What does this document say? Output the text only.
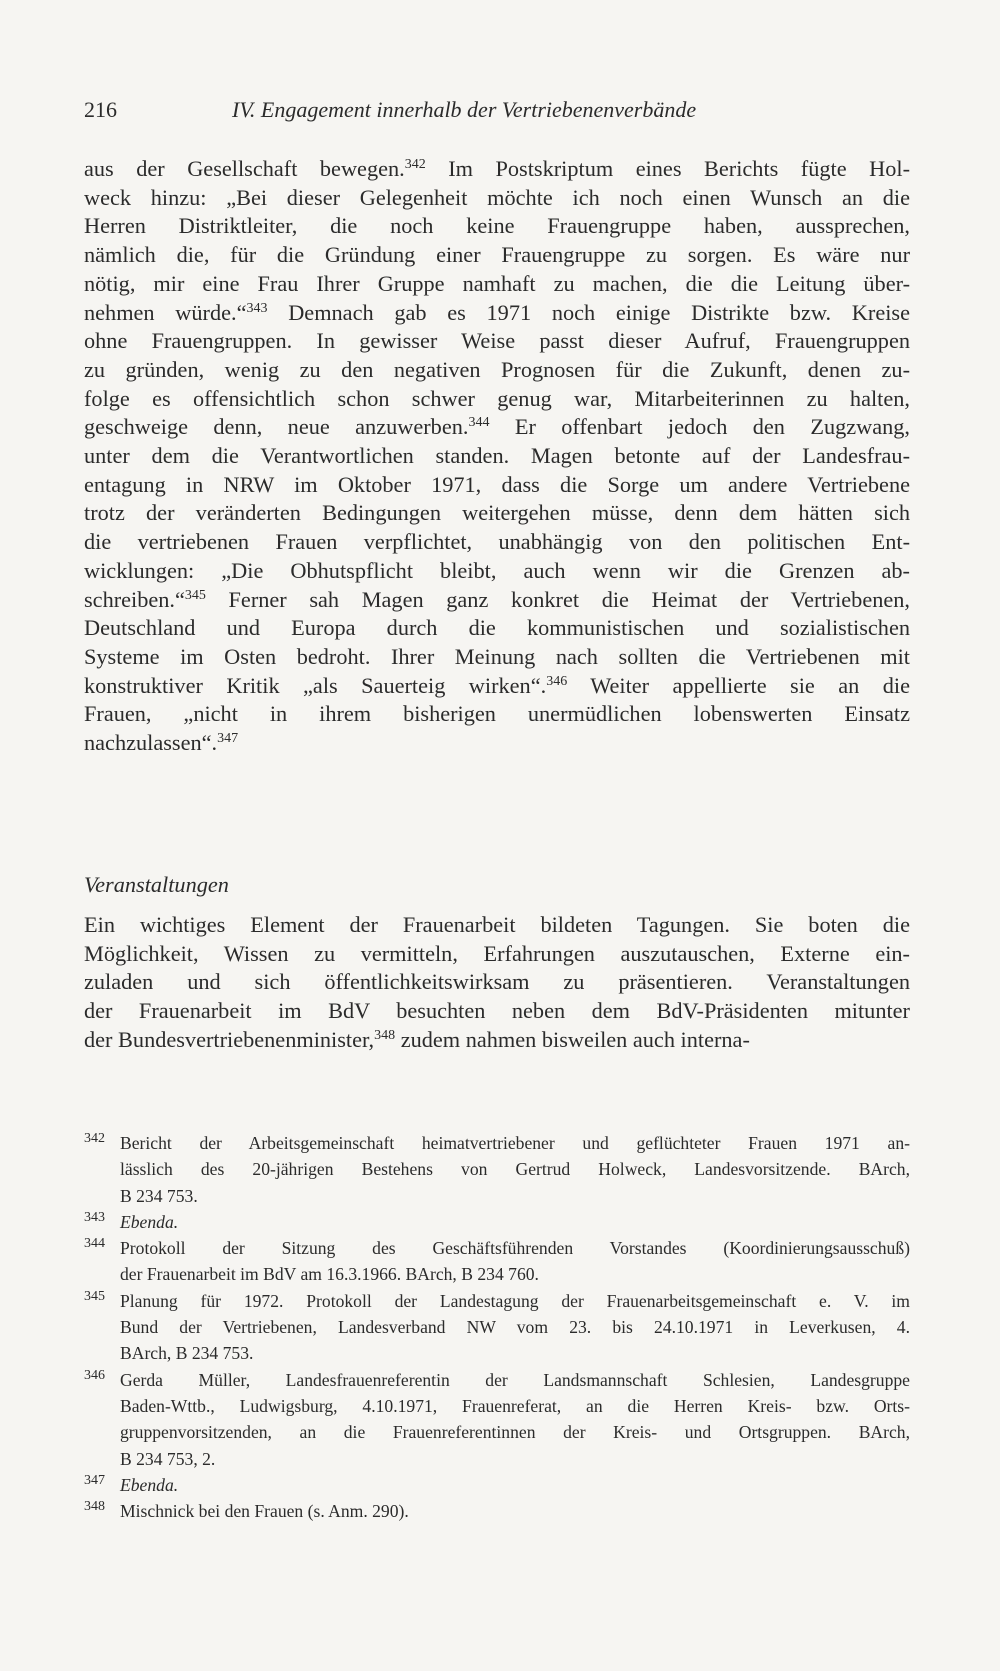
216	IV. Engagement innerhalb der Vertriebenenverbände
aus der Gesellschaft bewegen.$^{342}$ Im Postskriptum eines Berichts fügte Hol-
weck hinzu: „Bei dieser Gelegenheit möchte ich noch einen Wunsch an die
Herren Distriktleiter, die noch keine Frauengruppe haben, aussprechen,
nämlich die, für die Gründung einer Frauengruppe zu sorgen. Es wäre nur
nötig, mir eine Frau Ihrer Gruppe namhaft zu machen, die die Leitung über-
nehmen würde.“$^{343}$ Demnach gab es 1971 noch einige Distrikte bzw. Kreise
ohne Frauengruppen. In gewisser Weise passt dieser Aufruf, Frauengruppen
zu gründen, wenig zu den negativen Prognosen für die Zukunft, denen zu-
folge es offensichtlich schon schwer genug war, Mitarbeiterinnen zu halten,
geschweige denn, neue anzuwerben.$^{344}$ Er offenbart jedoch den Zugzwang,
unter dem die Verantwortlichen standen. Magen betonte auf der Landesfrau-
entagung in NRW im Oktober 1971, dass die Sorge um andere Vertriebene
trotz der veränderten Bedingungen weitergehen müsse, denn dem hätten sich
die vertriebenen Frauen verpflichtet, unabhängig von den politischen Ent-
wicklungen: „Die Obhutspflicht bleibt, auch wenn wir die Grenzen ab-
schreiben.“$^{345}$ Ferner sah Magen ganz konkret die Heimat der Vertriebenen,
Deutschland und Europa durch die kommunistischen und sozialistischen
Systeme im Osten bedroht. Ihrer Meinung nach sollten die Vertriebenen mit
konstruktiver Kritik „als Sauerteig wirken“.$^{346}$ Weiter appellierte sie an die
Frauen, „nicht in ihrem bisherigen unermüdlichen lobenswerten Einsatz
nachzulassen“.$^{347}$
Veranstaltungen
Ein wichtiges Element der Frauenarbeit bildeten Tagungen. Sie boten die
Möglichkeit, Wissen zu vermitteln, Erfahrungen auszutauschen, Externe ein-
zuladen und sich öffentlichkeitswirksam zu präsentieren. Veranstaltungen
der Frauenarbeit im BdV besuchten neben dem BdV-Präsidenten mitunter
der Bundesvertriebenenminister,$^{348}$ zudem nahmen bisweilen auch interna-
342 Bericht der Arbeitsgemeinschaft heimatvertriebener und geflüchteter Frauen 1971 an-
lässlich des 20-jährigen Bestehens von Gertrud Holweck, Landesvorsitzende. BArch,
B 234 753.
343 Ebenda.
344 Protokoll der Sitzung des Geschäftsführenden Vorstandes (Koordinierungsausschuß)
der Frauenarbeit im BdV am 16.3.1966. BArch, B 234 760.
345 Planung für 1972. Protokoll der Landestagung der Frauenarbeitsgemeinschaft e. V. im
Bund der Vertriebenen, Landesverband NW vom 23. bis 24.10.1971 in Leverkusen, 4.
BArch, B 234 753.
346 Gerda Müller, Landesfrauenreferentin der Landsmannschaft Schlesien, Landesgruppe
Baden-Wttb., Ludwigsburg, 4.10.1971, Frauenreferat, an die Herren Kreis- bzw. Orts-
gruppenvorsitzenden, an die Frauenreferentinnen der Kreis- und Ortsgruppen. BArch,
B 234 753, 2.
347 Ebenda.
348 Mischnick bei den Frauen (s. Anm. 290).
